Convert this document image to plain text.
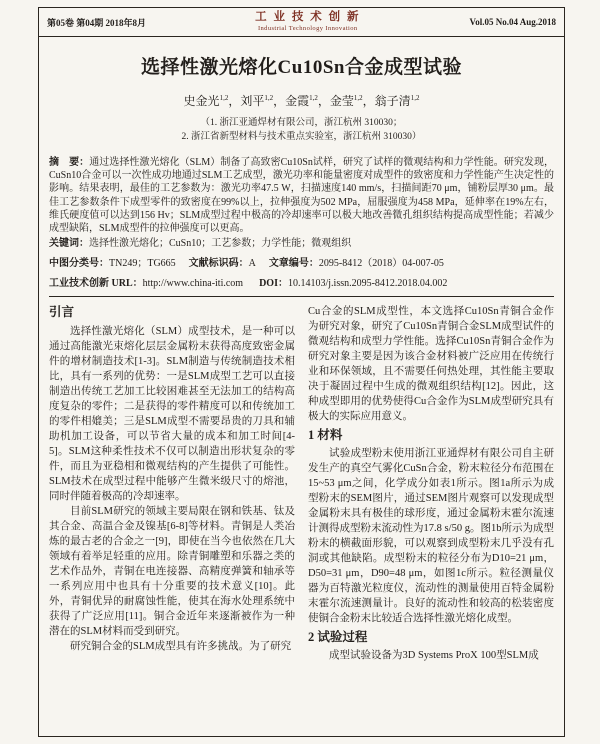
第05卷 第04期 2018年8月	工 业 技 术 创 新
Industrial Technology Innovation
Vol.05 No.04 Aug.2018
选择性激光熔化Cu10Sn合金成型试验
史金光$^{1,2}$，刘平$^{1,2}$，金霞$^{1,2}$，金莹$^{1,2}$，翁子清$^{1,2}$
（1. 浙江亚通焊材有限公司，浙江杭州 310030；
2. 浙江省新型材料与技术重点实验室，浙江杭州 310030）

摘　要：通过选择性激光熔化（SLM）制备了高致密Cu10Sn试样，研究了试样的微观结构和力学性能。研究发现，CuSn10合金可以一次性成功地通过SLM工艺成型，激光功率和能量密度对成型件的致密度和力学性能产生决定性的影响。结果表明，最佳的工艺参数为：激光功率47.5 W，扫描速度140 mm/s，扫描间距70 μm，铺粉层厚30 μm。最佳工艺参数条件下成型零件的致密度在99%以上，拉伸强度为502 MPa，屈服强度为458 MPa，延伸率在19%左右，维氏硬度值可以达到156 Hv；SLM成型过程中极高的冷却速率可以极大地改善微孔组织结构提高成型性能；若减少成型缺陷，SLM成型件的拉伸强度可以更高。

关键词：选择性激光熔化；CuSn10；工艺参数；力学性能；微观组织

中图分类号：TN249；TG665 文献标识码：A 文章编号：2095-8412（2018）04-007-05

工业技术创新 URL：http://www.china-iti.com DOI：10.14103/j.issn.2095-8412.2018.04.002

引言

选择性激光熔化（SLM）成型技术，是一种可以通过高能激光束熔化层层金属粉末获得高度致密金属件的增材制造技术[1-3]。SLM制造与传统制造技术相比，具有一系列的优势：一是SLM成型工艺可以直接制造出传统工艺加工比较困难甚至无法加工的结构高度复杂的零件；二是获得的零件精度可以和传统加工的零件相媲美；三是SLM成型不需要昂贵的刀具和辅助机加工设备，可以节省大量的成本和加工时间[4-5]。SLM这种柔性技术不仅可以制造出形状复杂的零件，而且为亚稳相和微观结构的产生提供了可能性。SLM技术在成型过程中能够产生微米级尺寸的熔池，同时伴随着极高的冷却速率。

目前SLM研究的领域主要局限在钢和铁基、钛及其合金、高温合金及镍基[6-8]等材料。青铜是人类冶炼的最古老的合金之一[9]，即使在当今也依然在几大领域有着举足轻重的应用。除青铜雕塑和乐器之类的艺术作品外，青铜在电连接器、高精度弹簧和轴承等一系列应用中也具有十分重要的技术意义[10]。此外，青铜优异的耐腐蚀性能，使其在海水处理系统中获得了广泛应用[11]。铜合金近年来逐渐被作为一种潜在的SLM材料而受到研究。

研究铜合金的SLM成型具有许多挑战。为了研究

Cu合金的SLM成型性，本文选择Cu10Sn青铜合金作为研究对象，研究了Cu10Sn青铜合金SLM成型试件的微观结构和成型力学性能。选择Cu10Sn青铜合金作为研究对象主要是因为该合金材料被广泛应用在传统行业和环保领域，且不需要任何热处理，其性能主要取决于凝固过程中生成的微观组织结构[12]。因此，这种成型即用的优势使得Cu合金作为SLM成型研究具有极大的实际应用意义。

1 材料

试验成型粉末使用浙江亚通焊材有限公司自主研发生产的真空气雾化CuSn合金，粉末粒径分布范围在15~53 μm之间，化学成分如表1所示。图1a所示为成型粉末的SEM图片，通过SEM图片观察可以发现成型金属粉末具有极佳的球形度，通过金属粉末霍尔流速计测得成型粉末流动性为17.8 s/50 g。图1b所示为成型粉末的横截面形貌，可以观察到成型粉末几乎没有孔洞或其他缺陷。成型粉末的粒径分布为D10=21 μm，D50=31 μm，D90=48 μm，如图1c所示。粒径测量仪器为百特激光粒度仪，流动性的测量使用百特金属粉末霍尔流速测量计。良好的流动性和较高的松装密度使铜合金粉末比较适合选择性激光熔化成型。

2 试验过程

成型试验设备为3D Systems ProX 100型SLM成
